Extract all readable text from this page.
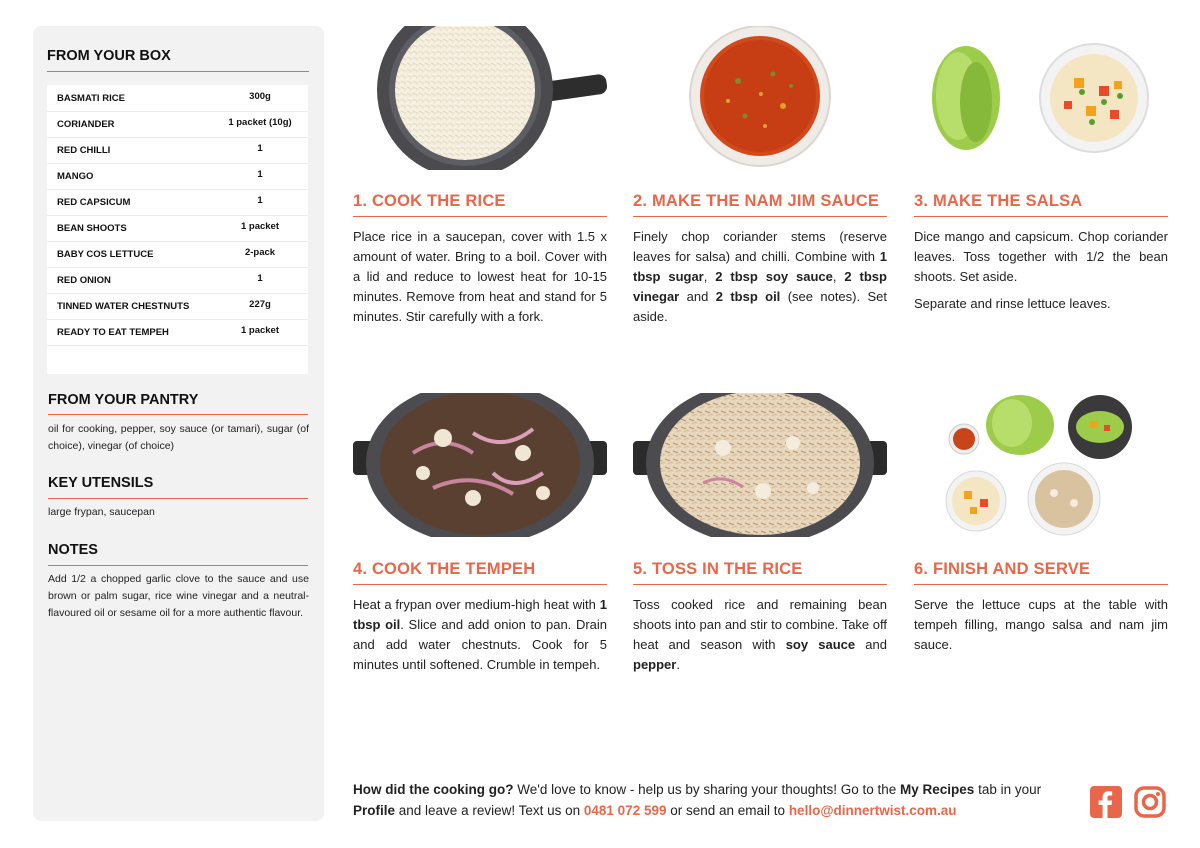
FROM YOUR BOX
BASMATI RICE	300g
CORIANDER	1 packet (10g)
RED CHILLI	1
MANGO	1
RED CAPSICUM	1
BEAN SHOOTS	1 packet
BABY COS LETTUCE	2-pack
RED ONION	1
TINNED WATER CHESTNUTS	227g
READY TO EAT TEMPEH	1 packet
FROM YOUR PANTRY
oil for cooking, pepper, soy sauce (or tamari), sugar (of choice), vinegar (of choice)
KEY UTENSILS
large frypan, saucepan
NOTES
Add 1/2 a chopped garlic clove to the sauce and use brown or palm sugar, rice wine vinegar and a neutral-flavoured oil or sesame oil for a more authentic flavour.
1. COOK THE RICE

Place rice in a saucepan, cover with 1.5 x amount of water. Bring to a boil. Cover with a lid and reduce to lowest heat for 10-15 minutes. Remove from heat and stand for 5 minutes. Stir carefully with a fork.

2. MAKE THE NAM JIM SAUCE

Finely chop coriander stems (reserve leaves for salsa) and chilli. Combine with 1 tbsp sugar, 2 tbsp soy sauce, 2 tbsp vinegar and 2 tbsp oil (see notes). Set aside.

3. MAKE THE SALSA

Dice mango and capsicum. Chop coriander leaves. Toss together with 1/2 the bean shoots. Set aside.

Separate and rinse lettuce leaves.

4. COOK THE TEMPEH

Heat a frypan over medium-high heat with 1 tbsp oil. Slice and add onion to pan. Drain and add water chestnuts. Cook for 5 minutes until softened. Crumble in tempeh.

5. TOSS IN THE RICE

Toss cooked rice and remaining bean shoots into pan and stir to combine. Take off heat and season with soy sauce and pepper.

6. FINISH AND SERVE

Serve the lettuce cups at the table with tempeh filling, mango salsa and nam jim sauce.

How did the cooking go? We'd love to know - help us by sharing your thoughts! Go to the My Recipes tab in your Profile and leave a review! Text us on 0481 072 599 or send an email to hello@dinnertwist.com.au
